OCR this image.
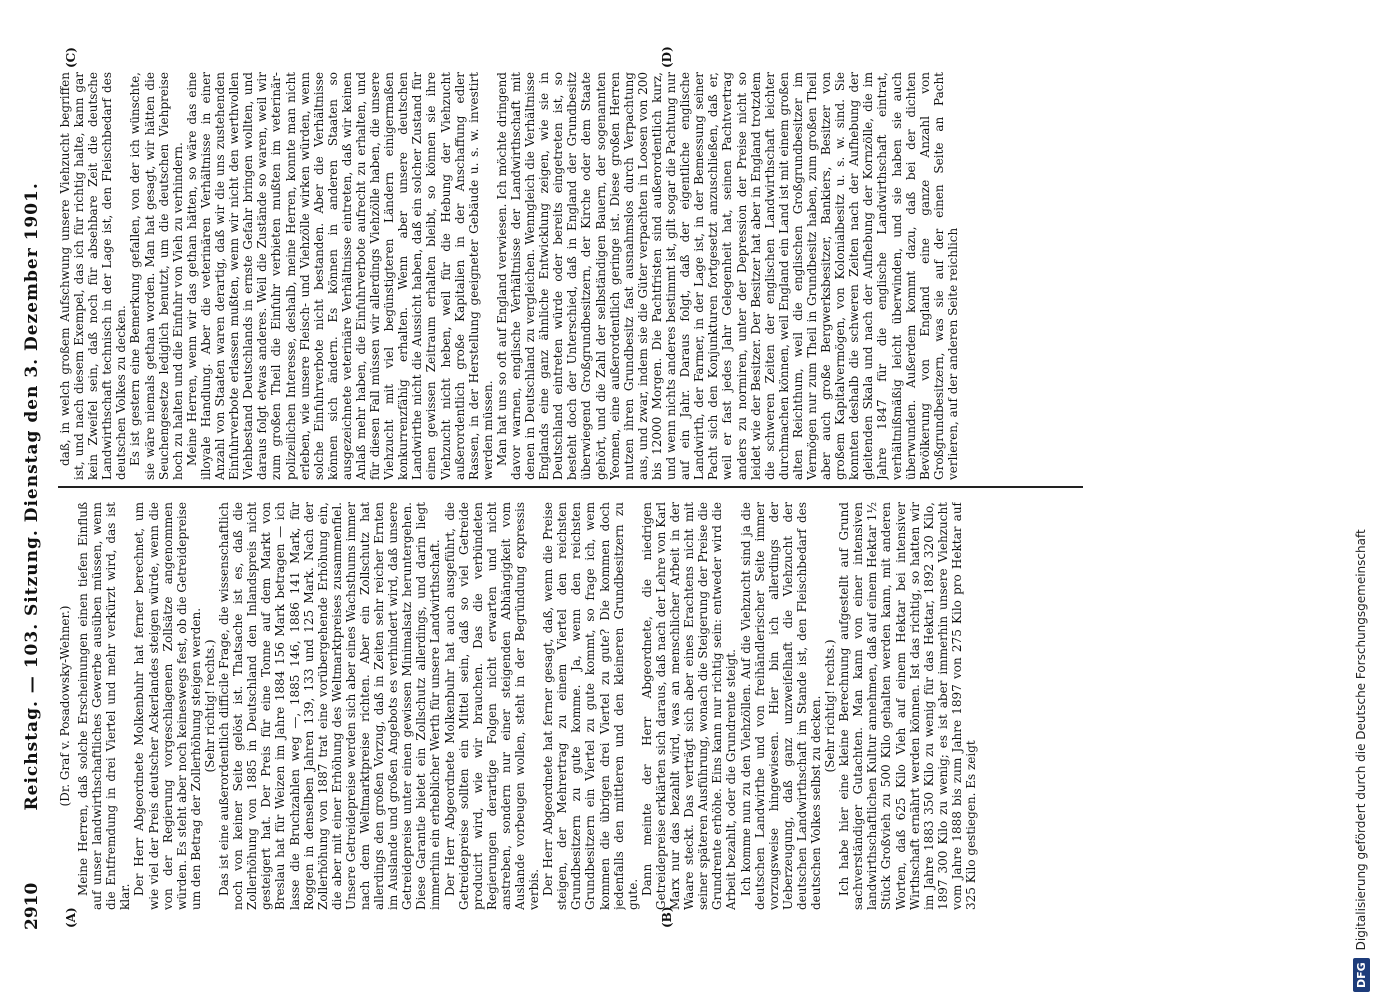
2910
Reichstag. — 103. Sitzung. Dienstag den 3. Dezember 1901.
(A)	(B)
(C)	(D)

(Dr. Graf v. Posadowsky-Wehner.) Meine Herren, daß solche Erscheinungen einen tiefen Einfluß auf unser landwirthschaftliches Gewerbe ausüben müssen, wenn die Entfremdung in drei Viertel und mehr verkürzt wird, das ist klar.

Der Herr Abgeordnete Molkenbuhr hat ferner berechnet, um wie viel der Preis deutscher Ackerlandes steigen würde, wenn die von der Regierung vorgeschlagenen Zollsätze angenommen würden. Es steht aber noch keineswegs fest, ob die Getreidepreise um den Betrag der Zollerhöhung steigen werden. (Sehr richtig! rechts.) Das ist eine außerordentlich difficile Frage, die wissenschaftlich noch von keiner Seite gelöst ist. Thatsache ist es, daß die Zollerhöhung von 1885 in Deutschland den Inlandspreis nicht gesteigert hat. Der Preis für eine Tonne auf dem Markt von Breslau hat für Weizen im Jahre 1884 156 Mark betragen — ich lasse die Bruchzahlen weg —, 1885 146, 1886 141 Mark, für Roggen in denselben Jahren 139, 133 und 125 Mark. Nach der Zollerhöhung von 1887 trat eine vorübergehende Erhöhung ein, die aber mit einer Erhöhung des Weltmarktpreises zusammenfiel. Unsere Getreidepreise werden sich aber eines Wachsthums immer nach dem Weltmarktpreise richten. Aber ein Zollschutz hat allerdings den großen Vorzug, daß in Zeiten sehr reicher Ernten im Auslande und großen Angebots es verhindert wird, daß unsere Getreidepreise unter einen gewissen Minimalsatz heruntergehen. Diese Garantie bietet ein Zollschutz allerdings, und darin liegt immerhin ein erheblicher Werth für unsere Landwirthschaft. Der Herr Abgeordnete Molkenbuhr hat auch ausgeführt, die Getreidepreise sollten ein Mittel sein, daß so viel Getreide producirt wird, wie wir brauchen. Das die verbündeten Regierungen derartige Folgen nicht erwarten und nicht anstreben, sondern nur einer steigenden Abhängigkeit vom Auslande vorbeugen wollen, steht in der Begründung expressis verbis. Der Herr Abgeordnete hat ferner gesagt, daß, wenn die Preise steigen, der Mehrertrag zu einem Viertel den reichsten Grundbesitzern zu gute komme. Ja, wenn den reichsten Grundbesitzern ein Viertel zu gute kommt, so frage ich, wem kommen die übrigen drei Viertel zu gute? Die kommen doch jedenfalls den mittleren und den kleineren Grundbesitzern zu gute. Dann meinte der Herr Abgeordnete, die niedrigen Getreidepreise erklärten sich daraus, daß nach der Lehre von Karl Marx nur das bezahlt wird, was an menschlicher Arbeit in der Waare steckt. Das verträgt sich aber eines Erachtens nicht mit seiner späteren Ausführung, wonach die Steigerung der Preise die Grundrente erhöhe. Eins kann nur richtig sein: entweder wird die Arbeit bezahlt, oder die Grundrente steigt. Ich komme nun zu den Viehzöllen. Auf die Viehzucht sind ja die deutschen Landwirthe und von freihändlerischer Seite immer vorzugsweise hingewiesen. Hier bin ich allerdings der Ueberzeugung, daß ganz unzweifelhaft die Viehzucht der deutschen Landwirthschaft im Stande ist, den Fleischbedarf des deutschen Volkes selbst zu decken. (Sehr richtig! rechts.) Ich habe hier eine kleine Berechnung aufgestellt auf Grund sachverständiger Gutachten. Man kann von einer intensiven landwirthschaftlichen Kultur annehmen, daß auf einem Hektar 1½ Stück Großvieh zu 500 Kilo gehalten werden kann, mit anderen Worten, daß 625 Kilo Vieh auf einem Hektar bei intensiver Wirthschaft ernährt werden können. Ist das richtig, so hatten wir im Jahre 1883 350 Kilo zu wenig für das Hektar, 1892 320 Kilo, 1897 300 Kilo zu wenig; es ist aber immerhin unsere Viehzucht vom Jahre 1888 bis zum Jahre 1897 von 275 Kilo pro Hektar auf 325 Kilo gestiegen. Es zeigt

daß, in welch großem Aufschwung unsere Viehzucht begriffen ist, und nach diesem Exempel, das ich für richtig halte, kann gar kein Zweifel sein, daß noch für absehbare Zeit die deutsche Landwirthschaft technisch in der Lage ist, den Fleischbedarf des deutschen Volkes zu decken. Es ist gestern eine Bemerkung gefallen, von der ich wünschte, sie wäre niemals gethan worden. Man hat gesagt, wir hätten die Seuchengesetze lediglich benutzt, um die deutschen Viehpreise hoch zu halten und die Einfuhr von Vieh zu verhindern. Meine Herren, wenn wir das gethan hätten, so wäre das eine illoyale Handlung. Aber die veterinären Verhältnisse in einer Anzahl von Staaten waren derartig, daß wir die uns zustehenden Einfuhrverbote erlassen mußten, wenn wir nicht den werthvollen Viehbestand Deutschlands in ernste Gefahr bringen wollten, und daraus folgt etwas anderes. Weil die Zustände so waren, weil wir zum großen Theil die Einfuhr verbieten mußten im veterinär-polizeilichen Interesse, deshalb, meine Herren, konnte man nicht erleben, wie unsere Fleisch- und Viehzölle wirken würden, wenn solche Einfuhrverbote nicht bestanden. Aber die Verhältnisse können sich ändern. Es können in anderen Staaten so ausgezeichnete veterinäre Verhältnisse eintreten, daß wir keinen Anlaß mehr haben, die Einfuhrverbote aufrecht zu erhalten, und für diesen Fall müssen wir allerdings Viehzölle haben, die unsere Viehzucht mit viel begünstigteren Ländern einigermaßen konkurrenzfähig erhalten. Wenn aber unsere deutschen Landwirthe nicht die Aussicht haben, daß ein solcher Zustand für einen gewissen Zeitraum erhalten bleibt, so können sie ihre Viehzucht nicht heben, weil für die Hebung der Viehzucht außerordentlich große Kapitalien in der Anschaffung edler Rassen, in der Herstellung geeigneter Gebäude u. s. w. investirt werden müssen. Man hat uns so oft auf England verwiesen. Ich möchte dringend davor warnen, englische Verhältnisse der Landwirthschaft mit denen in Deutschland zu vergleichen. Wenngleich die Verhältnisse Englands eine ganz ähnliche Entwicklung zeigen, wie sie in Deutschland eintreten würde oder bereits eingetreten ist, so besteht doch der Unterschied, daß in England der Grundbesitz überwiegend Großgrundbesitzern, der Kirche oder dem Staate gehört, und die Zahl der selbständigen Bauern, der sogenannten Yeomen, eine außerordentlich geringe ist. Diese großen Herren nutzen ihren Grundbesitz fast ausnahmslos durch Verpachtung aus, und zwar, indem sie die Güter verpachten in Loosen von 200 bis 12000 Morgen. Die Pachtfristen sind außerordentlich kurz, und wenn nichts anderes bestimmt ist, gilt sogar die Pachtung nur auf ein Jahr. Daraus folgt, daß der eigentliche englische Landwirth, der Farmer, in der Lage ist, in der Bemessung seiner Pacht sich den Konjunkturen fortgesetzt anzuschließen, daß er, weil er fast jedes Jahr Gelegenheit hat, seinen Pachtvertrag anders zu normiren, unter der Depression der Preise nicht so leidet wie der Besitzer. Der Besitzer hat aber in England trotzdem die schweren Zeiten der englischen Landwirthschaft leichter durchmachen können, weil England ein Land ist mit einem großen alten Reichthum, weil die englischen Großgrundbesitzer im Vermögen nur zum Theil in Grundbesitz haben, zum großen Theil aber auch große Bergwerksbesitzer, Bankiers, Besitzer von großem Kapitalvermögen, von Kolonialbesitz u. s. w. sind. Sie konnten deshalb die schweren Zeiten nach der Aufhebung der gleitenden Skala und nach der Aufhebung der Kornzölle, die im Jahre 1847 für die englische Landwirthschaft eintrat, verhältnißmäßig leicht überwinden, und sie haben sie auch überwunden. Außerdem kommt dazu, daß bei der dichten Bevölkerung von England eine ganze Anzahl von Großgrundbesitzern, was sie auf der einen Seite an Pacht verlieren, auf der anderen Seite reichlich

DFG
Digitalisierung gefördert durch die Deutsche Forschungsgemeinschaft
